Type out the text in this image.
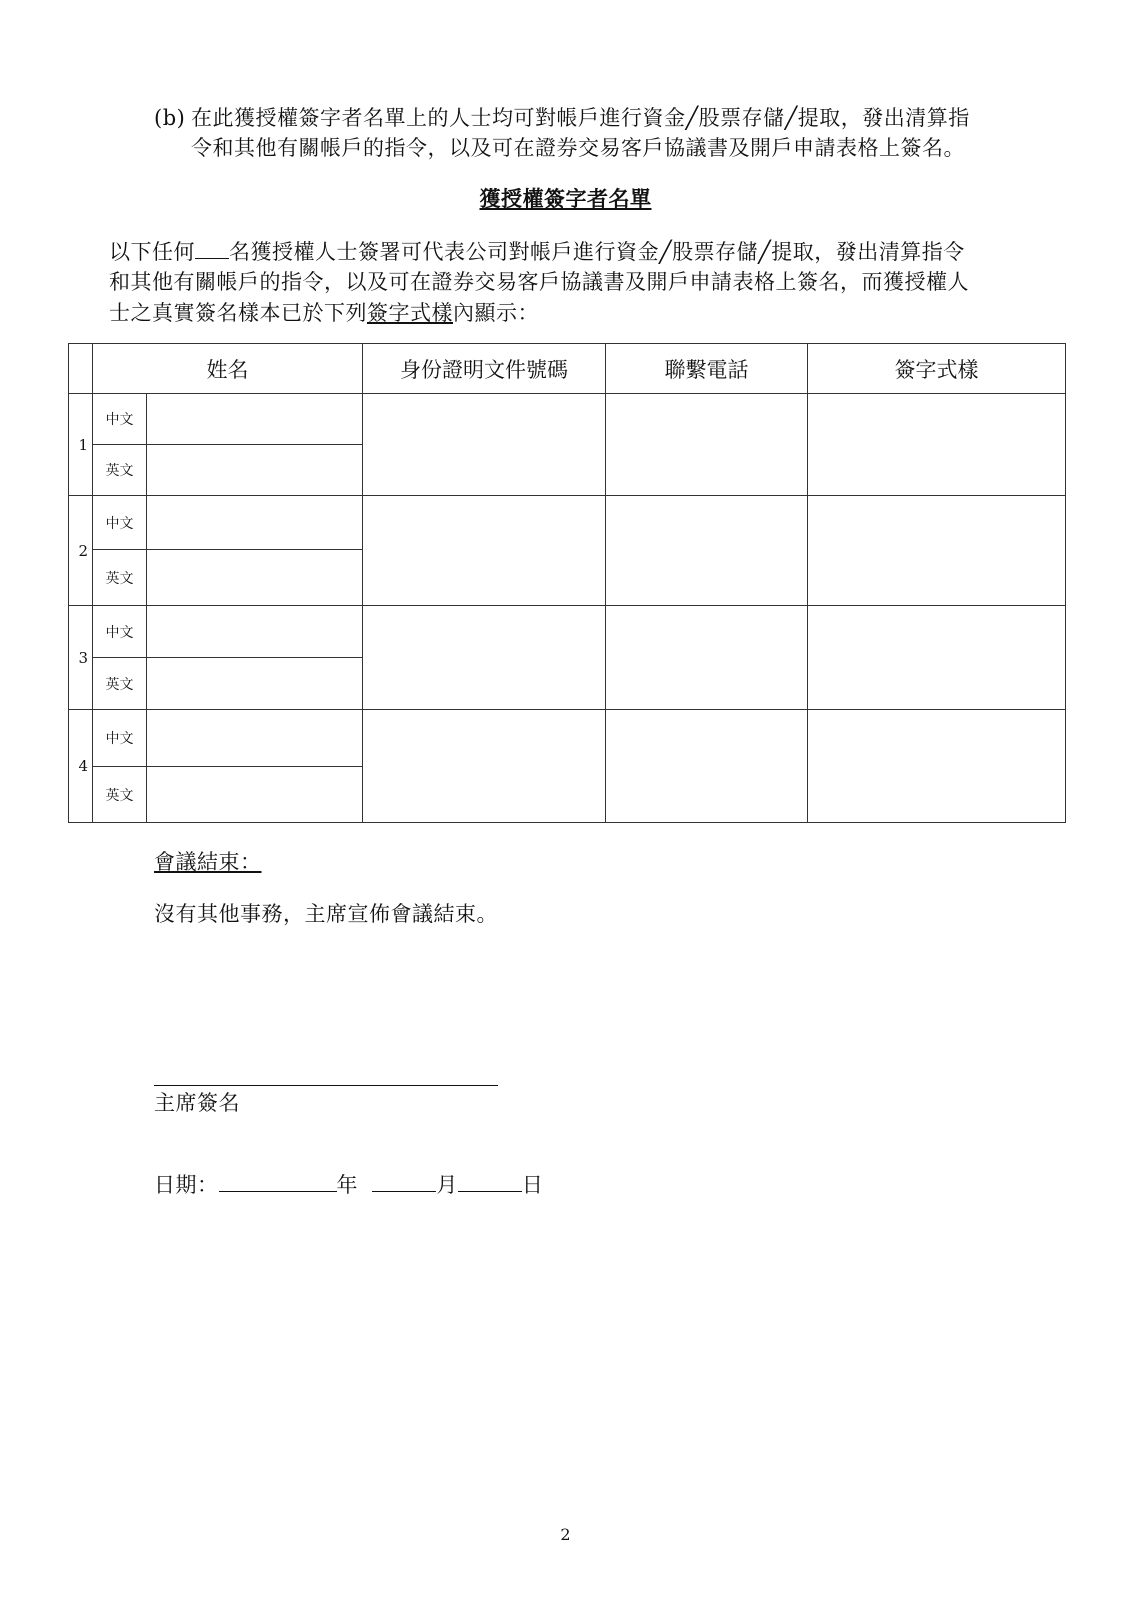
(b) 在此獲授權簽字者名單上的人士均可對帳戶進行資金╱股票存儲╱提取，發出清算指
令和其他有關帳戶的指令，以及可在證券交易客戶協議書及開戶申請表格上簽名。
獲授權簽字者名單
以下任何 名獲授權人士簽署可代表公司對帳戶進行資金╱股票存儲╱提取，發出清算指令
和其他有關帳戶的指令，以及可在證券交易客戶協議書及開戶申請表格上簽名，而獲授權人
士之真實簽名樣本已於下列簽字式樣內顯示：
	姓名		身份證明文件號碼	聯繫電話	簽字式樣
1	中文				
	英文				
2	中文				
	英文				
3	中文				
	英文				
4	中文				
	英文				
會議結束：
沒有其他事務，主席宣佈會議結束。
主席簽名
日期：	年	月	日
2
